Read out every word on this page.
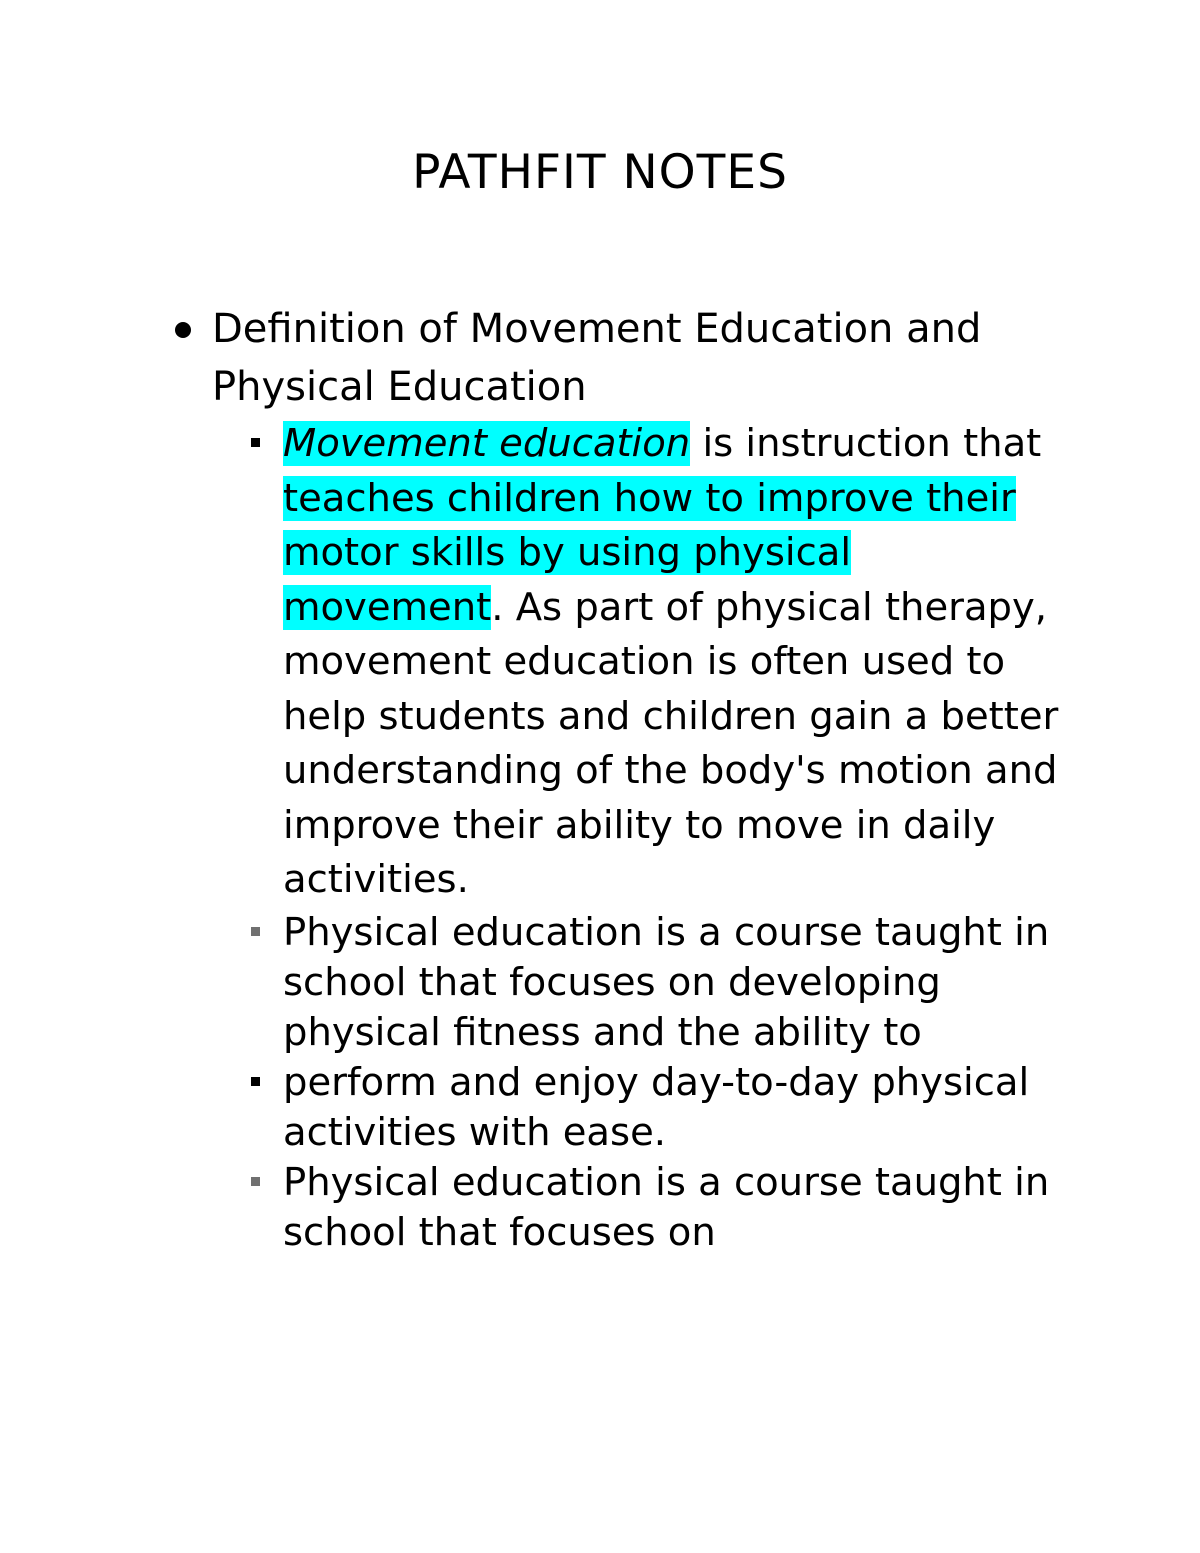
PATHFIT NOTES
Definition of Movement Education and Physical Education
Movement education is instruction that teaches children how to improve their motor skills by using physical movement. As part of physical therapy, movement education is often used to help students and children gain a better understanding of the body's motion and improve their ability to move in daily activities.
Physical education is a course taught in school that focuses on developing physical fitness and the ability to
perform and enjoy day-to-day physical activities with ease.
Physical education is a course taught in school that focuses on
